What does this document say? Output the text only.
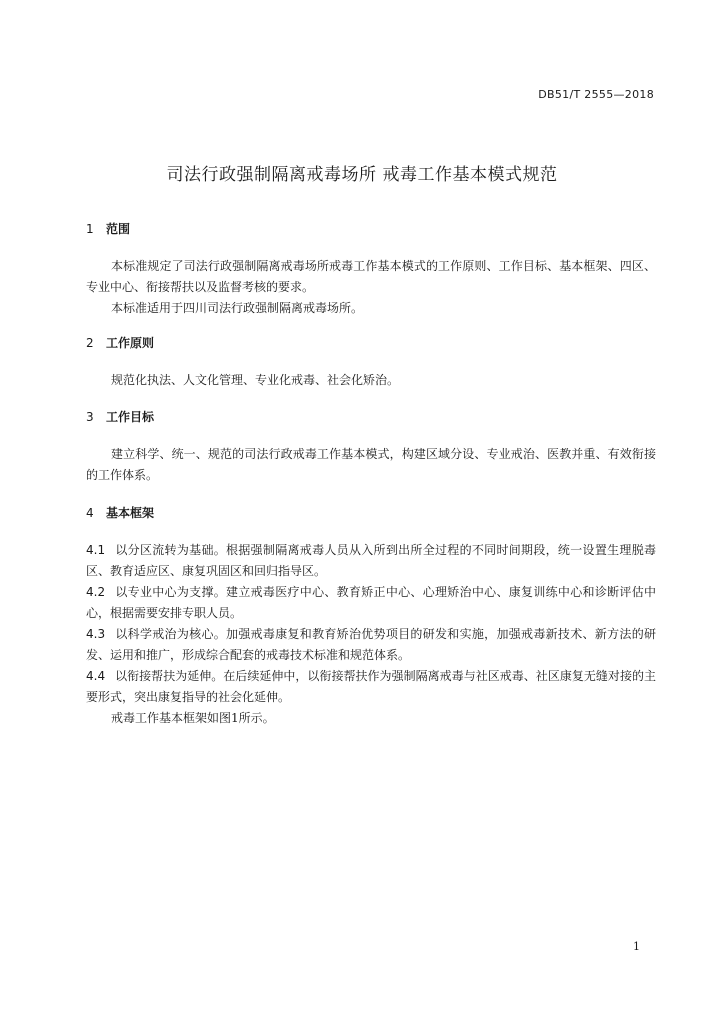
DB51/T 2555—2018
司法行政强制隔离戒毒场所 戒毒工作基本模式规范
1 范围
本标准规定了司法行政强制隔离戒毒场所戒毒工作基本模式的工作原则、工作目标、基本框架、四区、专业中心、衔接帮扶以及监督考核的要求。
本标准适用于四川司法行政强制隔离戒毒场所。
2 工作原则
规范化执法、人文化管理、专业化戒毒、社会化矫治。
3 工作目标
建立科学、统一、规范的司法行政戒毒工作基本模式，构建区域分设、专业戒治、医教并重、有效衔接的工作体系。
4 基本框架
4.1 以分区流转为基础。根据强制隔离戒毒人员从入所到出所全过程的不同时间期段，统一设置生理脱毒区、教育适应区、康复巩固区和回归指导区。
4.2 以专业中心为支撑。建立戒毒医疗中心、教育矫正中心、心理矫治中心、康复训练中心和诊断评估中心，根据需要安排专职人员。
4.3 以科学戒治为核心。加强戒毒康复和教育矫治优势项目的研发和实施，加强戒毒新技术、新方法的研发、运用和推广，形成综合配套的戒毒技术标准和规范体系。
4.4 以衔接帮扶为延伸。在后续延伸中，以衔接帮扶作为强制隔离戒毒与社区戒毒、社区康复无缝对接的主要形式，突出康复指导的社会化延伸。
戒毒工作基本框架如图1所示。
1
